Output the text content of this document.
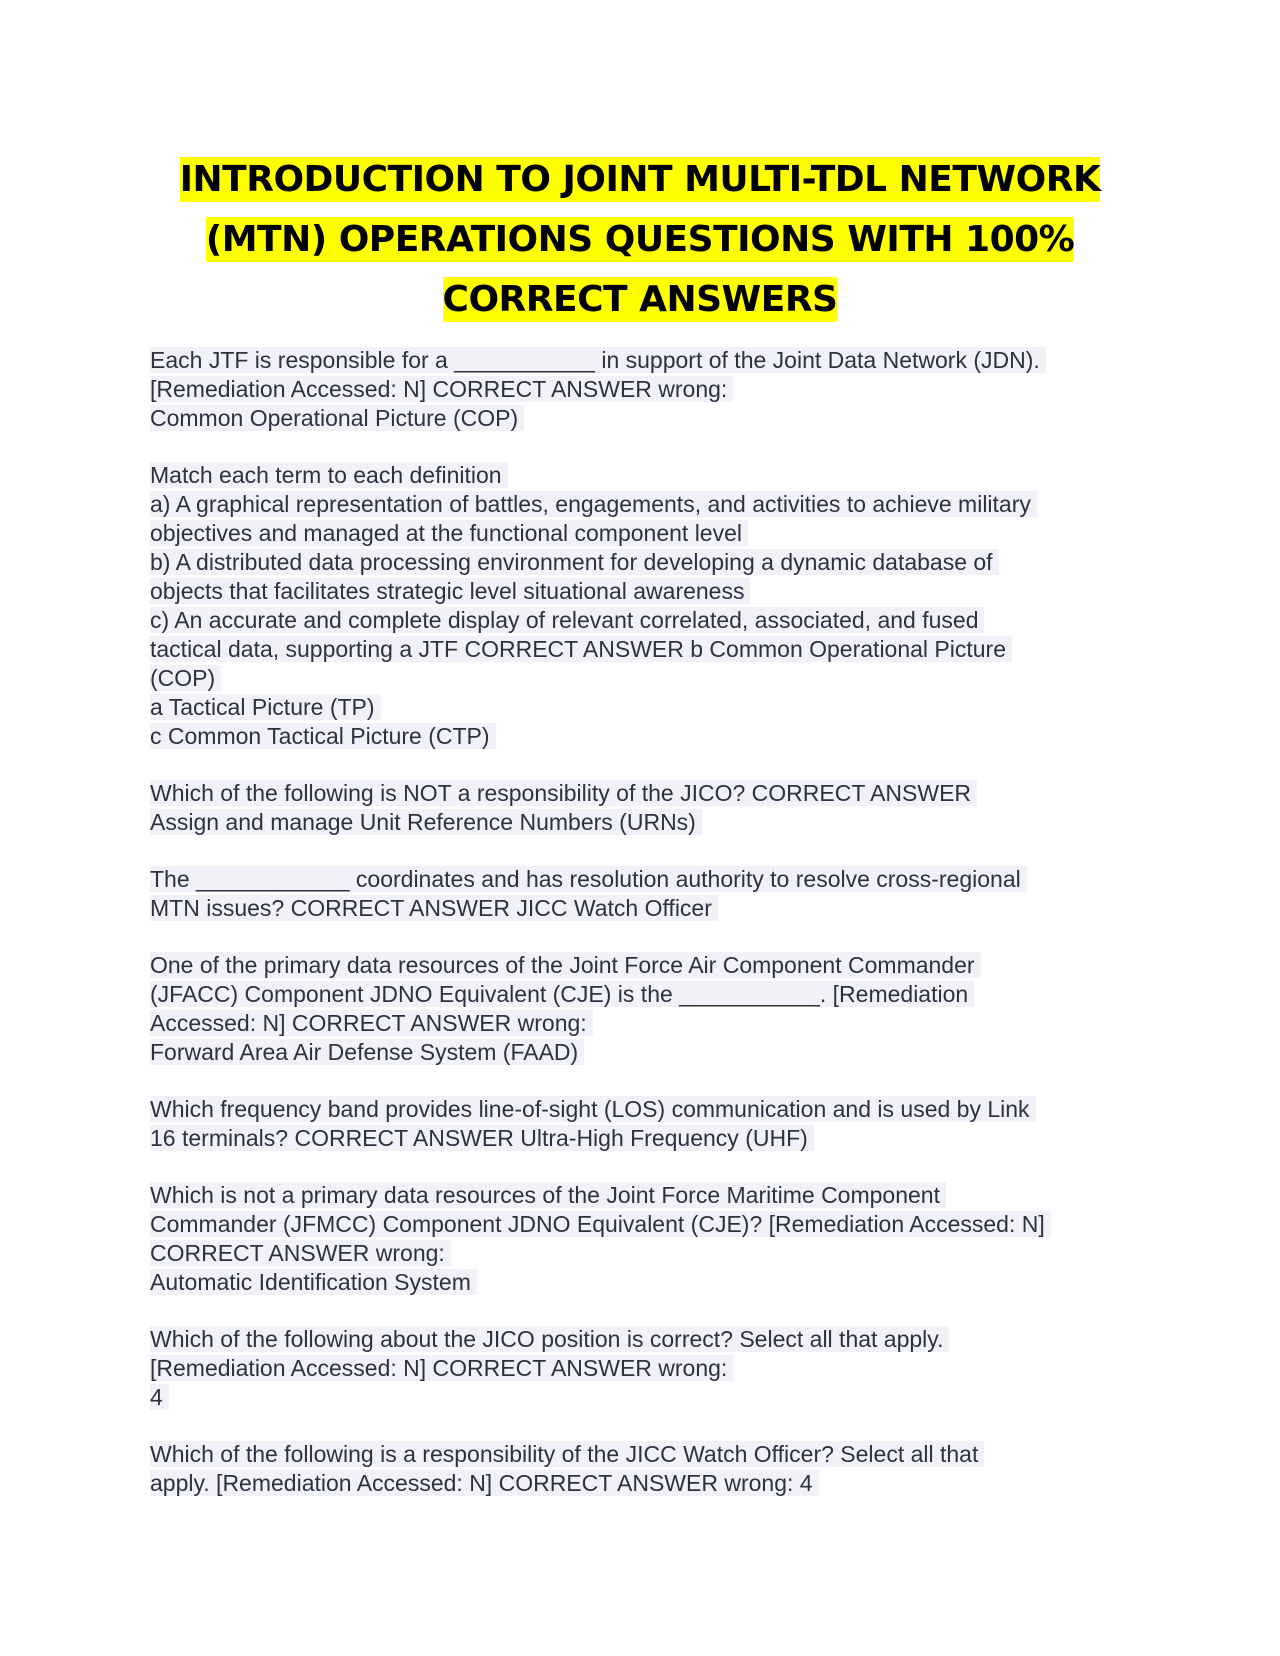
INTRODUCTION TO JOINT MULTI-TDL NETWORK
(MTN) OPERATIONS QUESTIONS WITH 100%
CORRECT ANSWERS
Each JTF is responsible for a ___________ in support of the Joint Data Network (JDN).
[Remediation Accessed: N] CORRECT ANSWER wrong:
Common Operational Picture (COP)
Match each term to each definition
a) A graphical representation of battles, engagements, and activities to achieve military
objectives and managed at the functional component level
b) A distributed data processing environment for developing a dynamic database of
objects that facilitates strategic level situational awareness
c) An accurate and complete display of relevant correlated, associated, and fused
tactical data, supporting a JTF CORRECT ANSWER b Common Operational Picture
(COP)
a Tactical Picture (TP)
c Common Tactical Picture (CTP)
Which of the following is NOT a responsibility of the JICO? CORRECT ANSWER
Assign and manage Unit Reference Numbers (URNs)
The ____________ coordinates and has resolution authority to resolve cross-regional
MTN issues? CORRECT ANSWER JICC Watch Officer
One of the primary data resources of the Joint Force Air Component Commander
(JFACC) Component JDNO Equivalent (CJE) is the ___________. [Remediation
Accessed: N] CORRECT ANSWER wrong:
Forward Area Air Defense System (FAAD)
Which frequency band provides line-of-sight (LOS) communication and is used by Link
16 terminals? CORRECT ANSWER Ultra-High Frequency (UHF)
Which is not a primary data resources of the Joint Force Maritime Component
Commander (JFMCC) Component JDNO Equivalent (CJE)? [Remediation Accessed: N]
CORRECT ANSWER wrong:
Automatic Identification System
Which of the following about the JICO position is correct? Select all that apply.
[Remediation Accessed: N] CORRECT ANSWER wrong:
4
Which of the following is a responsibility of the JICC Watch Officer? Select all that
apply. [Remediation Accessed: N] CORRECT ANSWER wrong: 4
